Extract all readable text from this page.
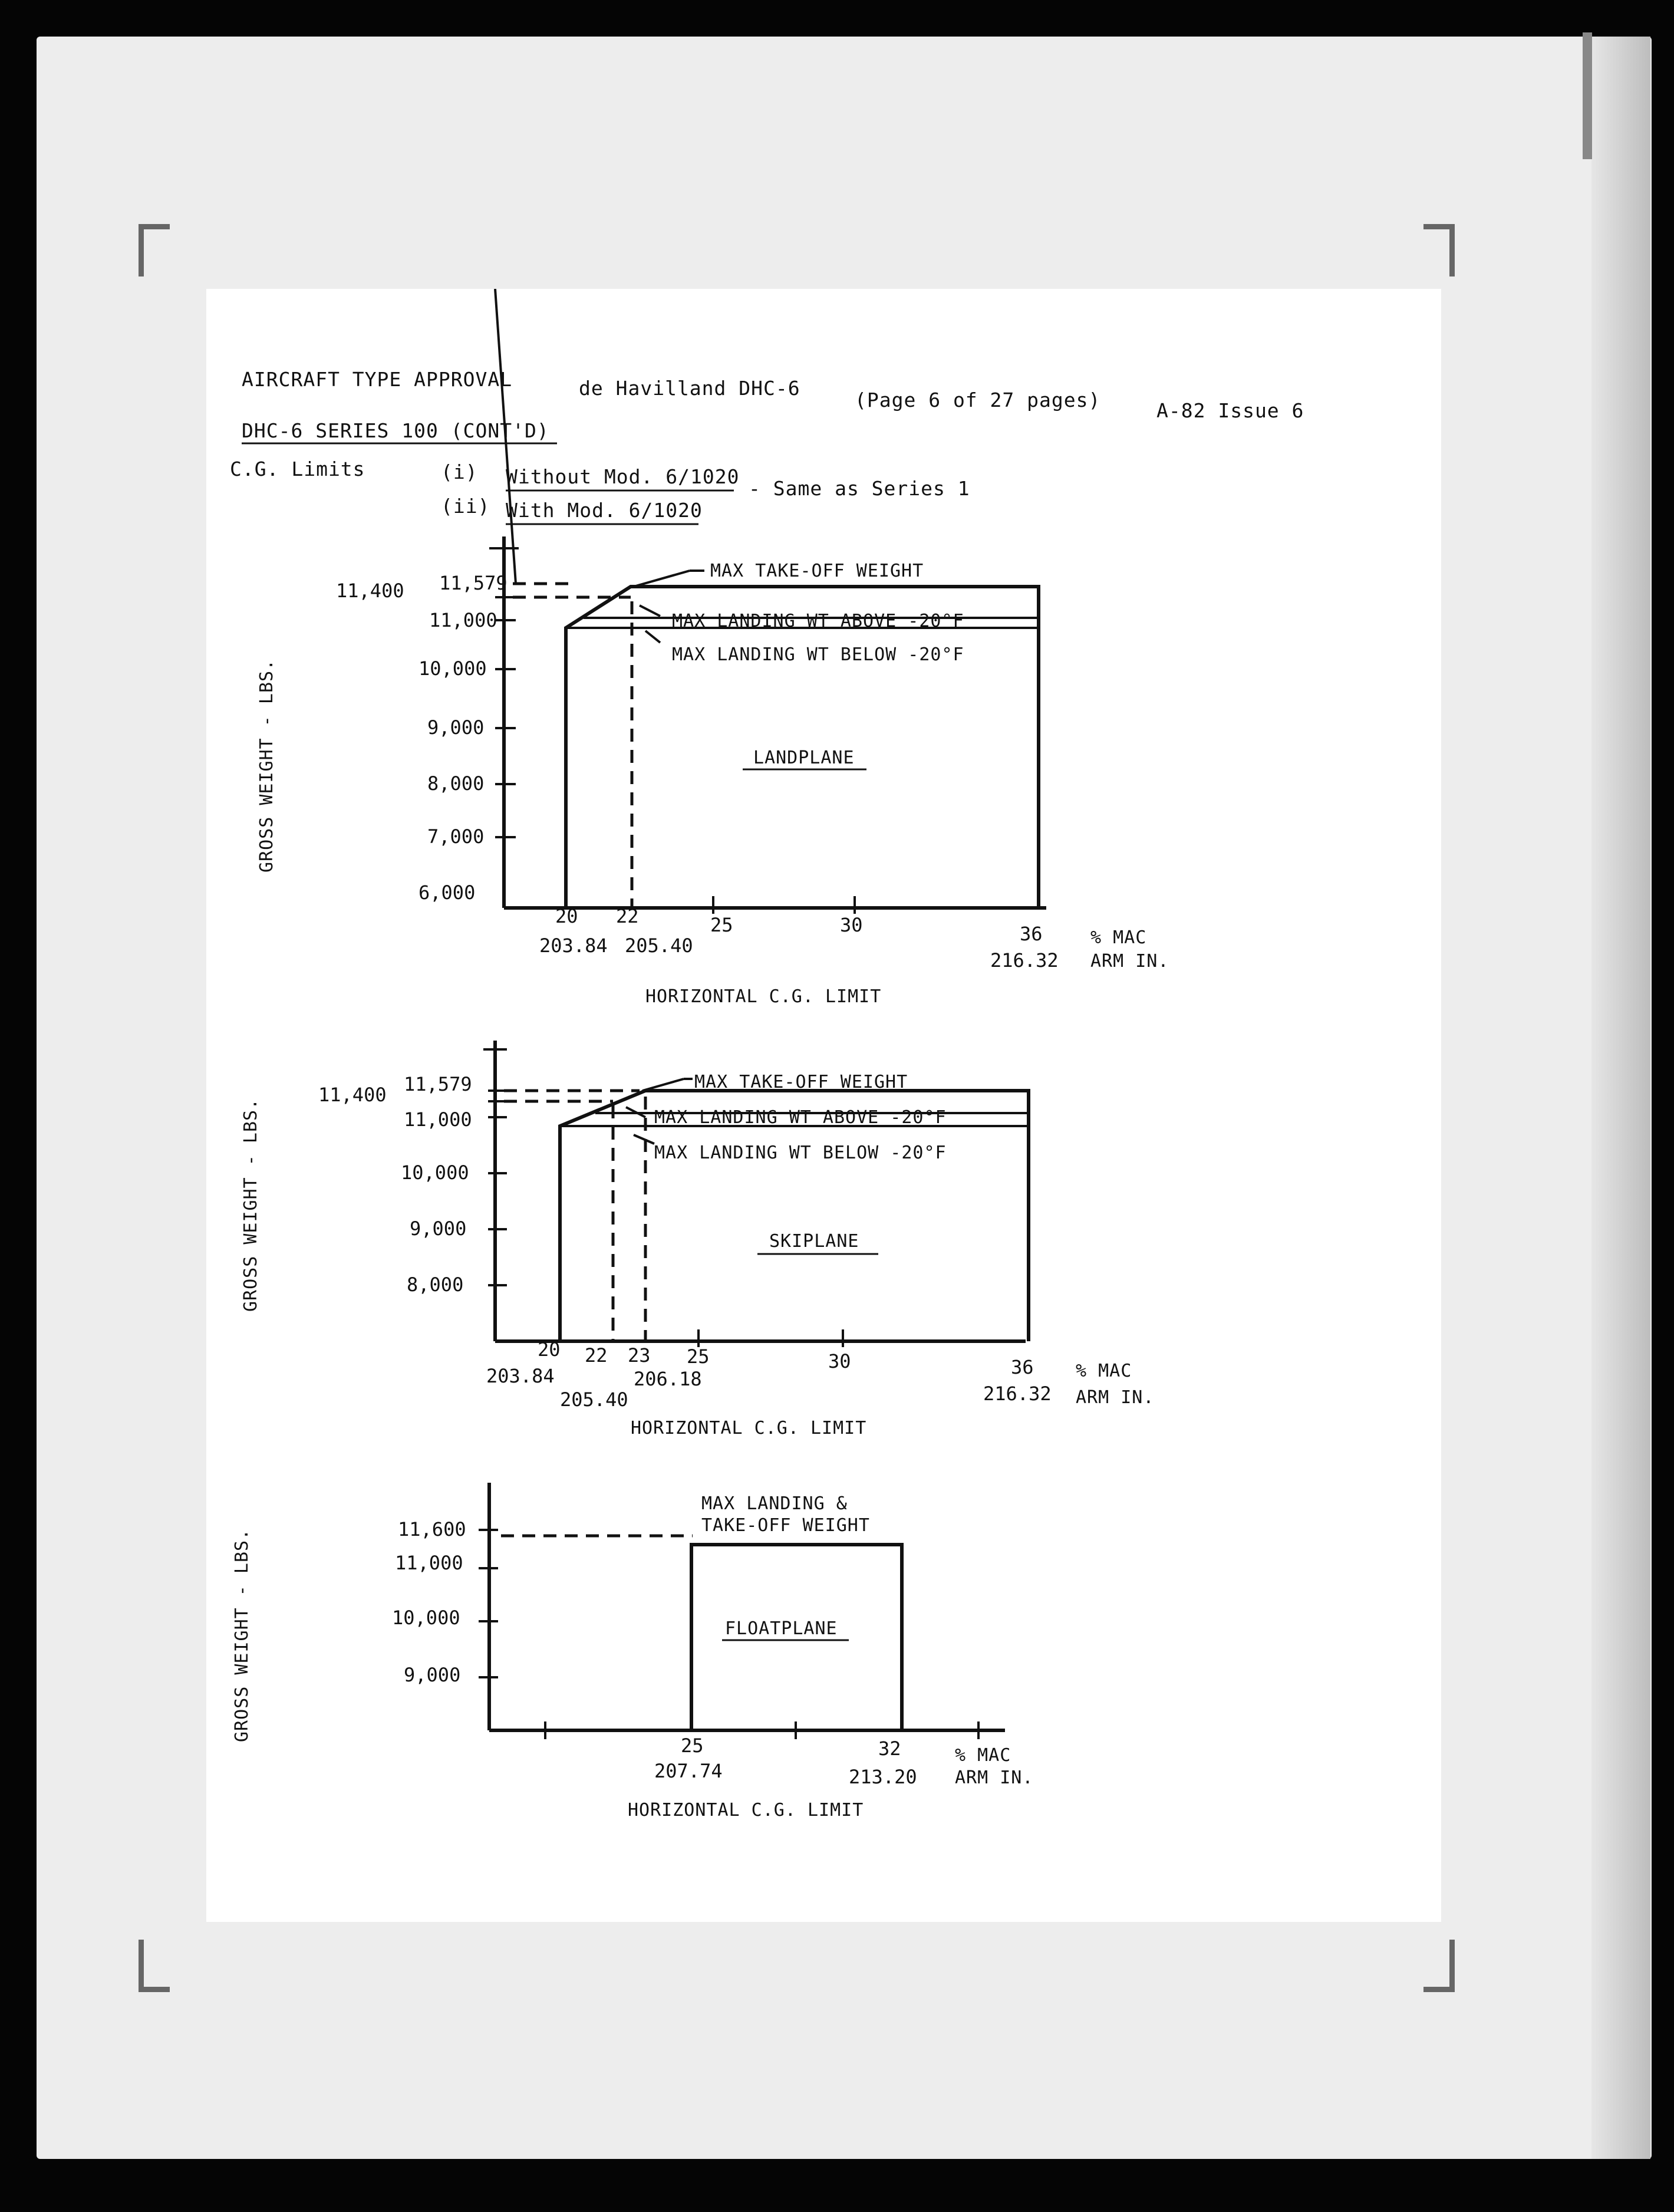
AIRCRAFT TYPE APPROVAL	de Havilland DHC-6
(Page 6 of 27 pages)	A-82 Issue 6
DHC-6 SERIES 100 (CONT'D)
C.G. Limits	(i) Without Mod. 6/1020
- Same as Series 1
(ii) With Mod. 6/1020
11,579
11,400
11,000
10,000
9,000
8,000
7,000
6,000
MAX TAKE-OFF WEIGHT
MAX LANDING WT ABOVE -20°F
MAX LANDING WT BELOW -20°F
LANDPLANE
20 22	25	30	36
203.84 205.40
216.32
% MAC
ARM IN.
HORIZONTAL C.G. LIMIT
GROSS WEIGHT - LBS.
11,579
11,400
11,000
10,000
9,000
8,000
MAX TAKE-OFF WEIGHT
MAX LANDING WT ABOVE -20°F
MAX LANDING WT BELOW -20°F
SKIPLANE
20 22 23 25	30	36
203.84
205.40
206.18
216.32
% MAC
ARM IN.
HORIZONTAL C.G. LIMIT
GROSS WEIGHT - LBS.
11,600
11,000
10,000
9,000
MAX LANDING &
TAKE-OFF WEIGHT
FLOATPLANE
25	32
207.74	213.20
% MAC
ARM IN.
HORIZONTAL C.G. LIMIT
GROSS WEIGHT - LBS.
